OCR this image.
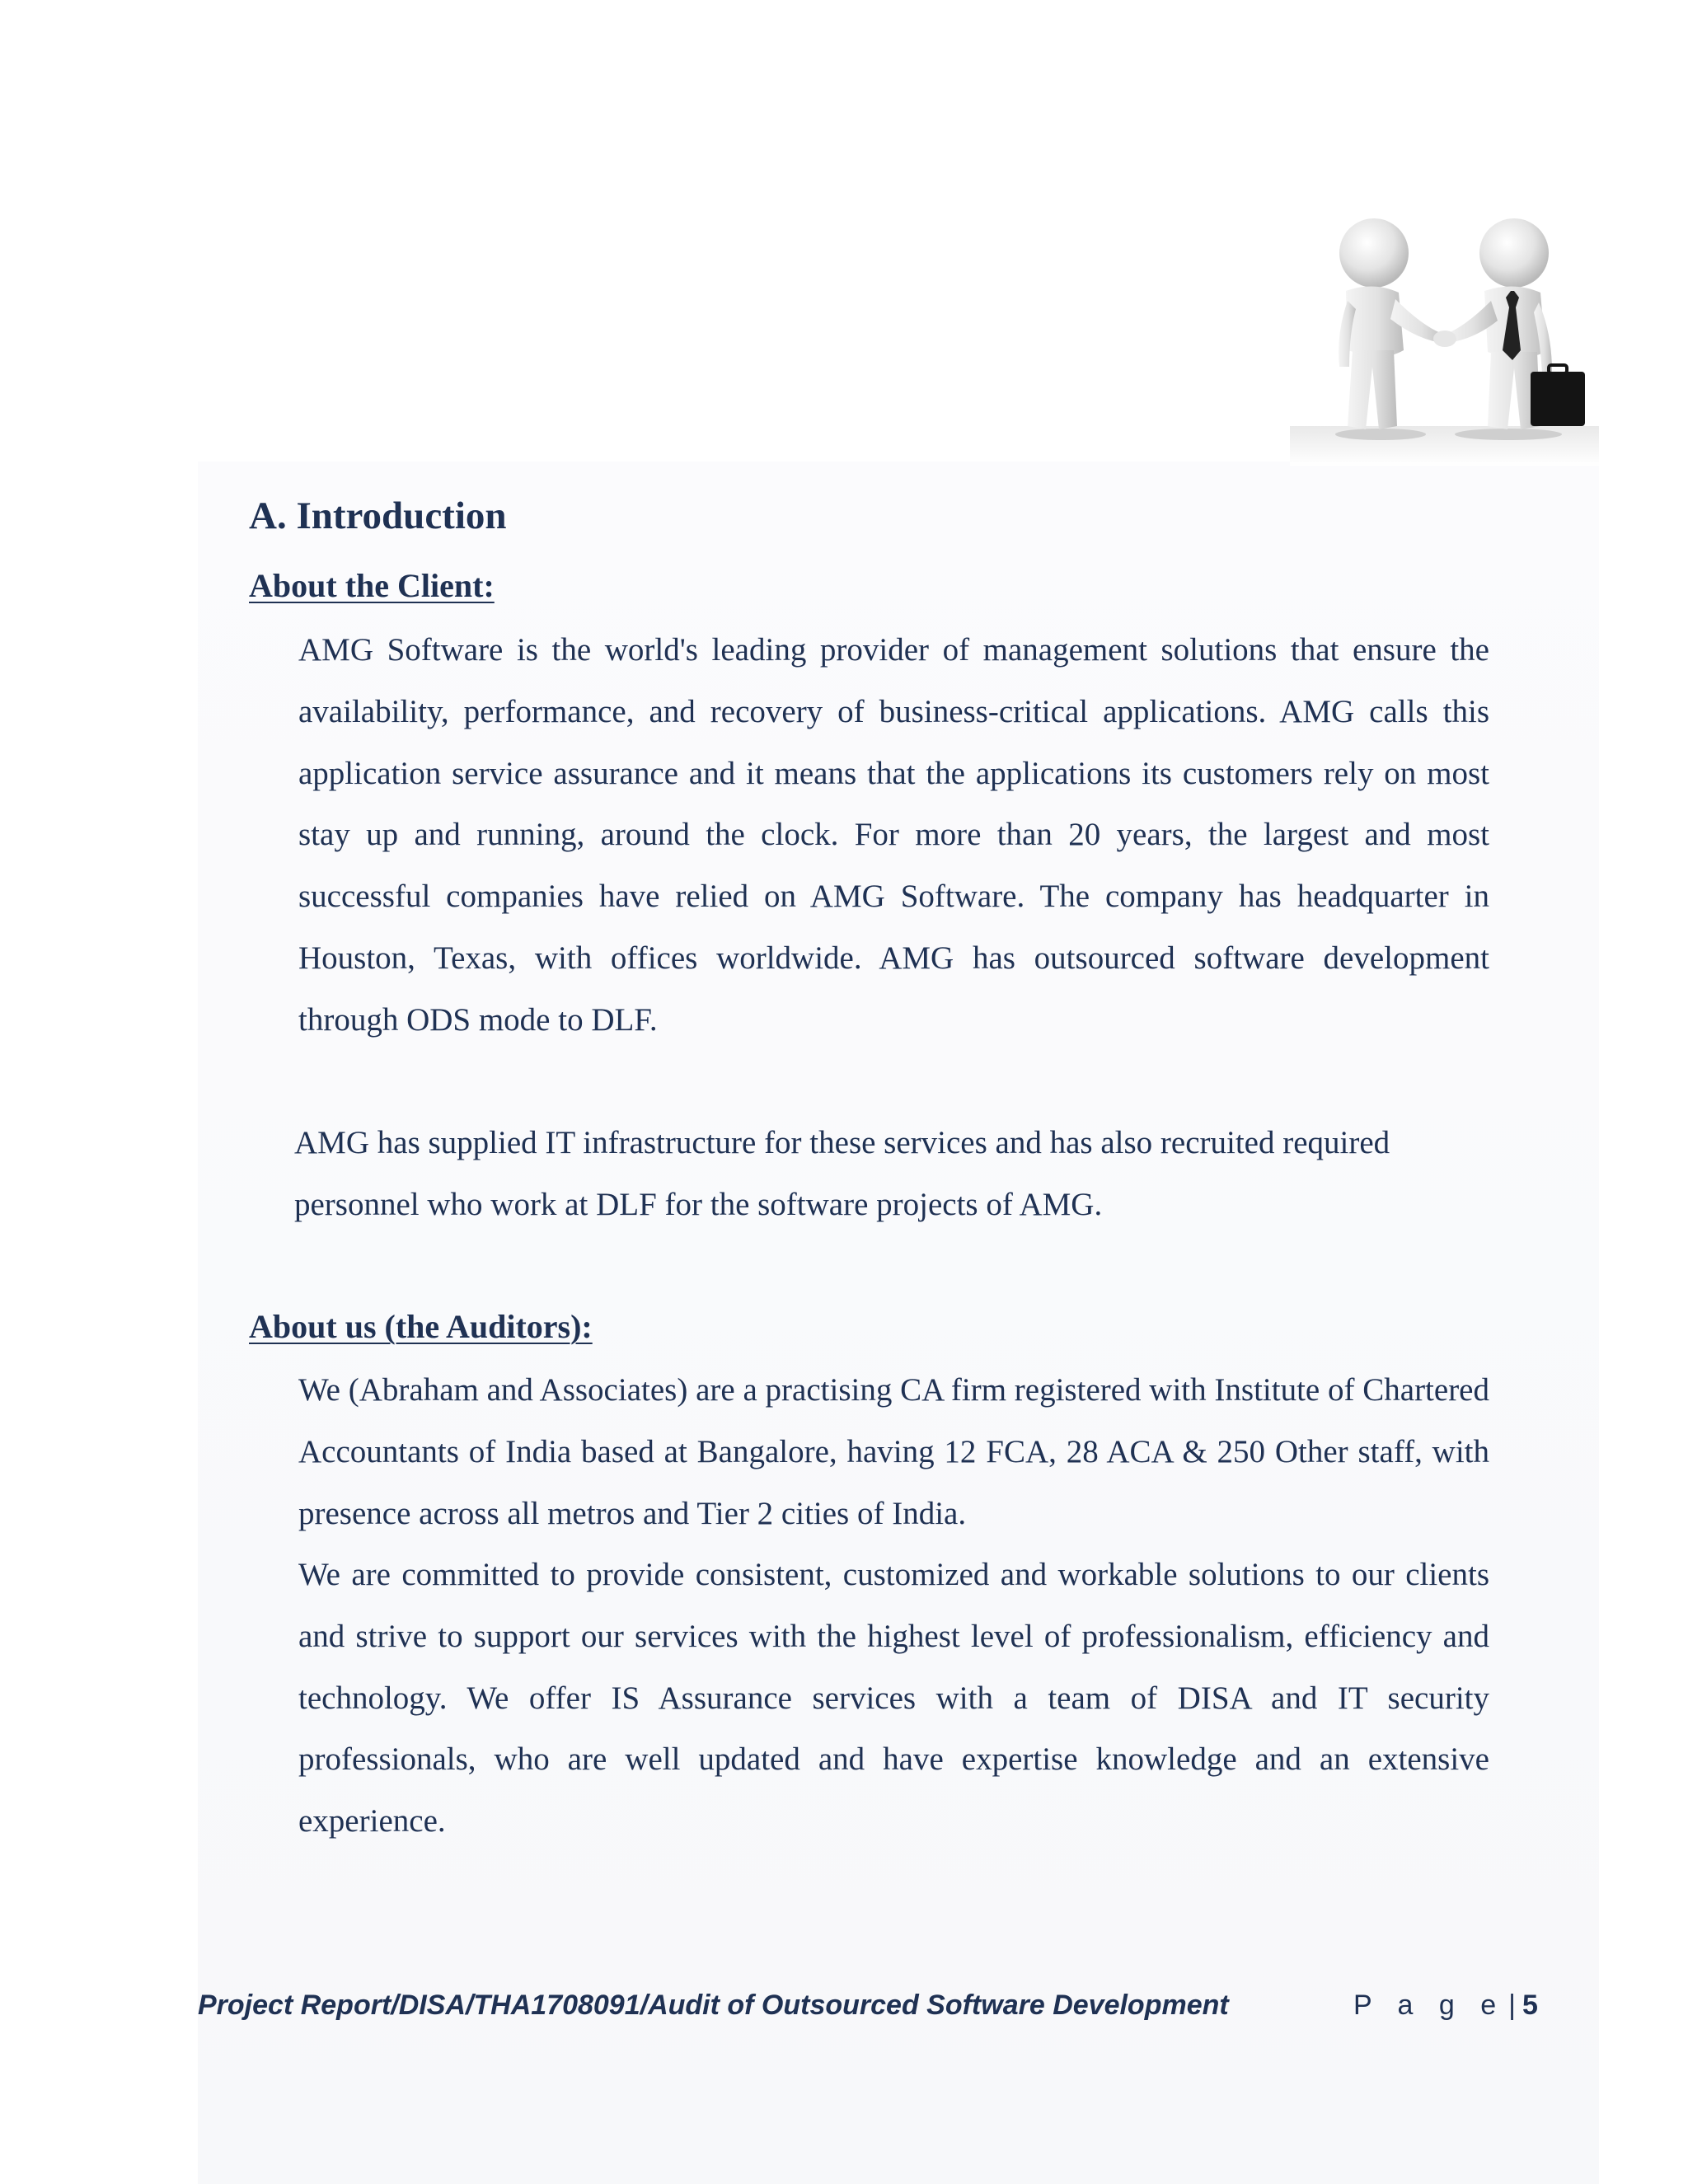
A. Introduction
About the Client:

AMG Software is the world's leading provider of management solutions that ensure the availability, performance, and recovery of business-critical applications. AMG calls this application service assurance and it means that the applications its customers rely on most stay up and running, around the clock. For more than 20 years, the largest and most successful companies have relied on AMG Software. The company has headquarter in Houston, Texas, with offices worldwide. AMG has outsourced software development through ODS mode to DLF.

AMG has supplied IT infrastructure for these services and has also recruited required personnel who work at DLF for the software projects of AMG.

About us (the Auditors):

We (Abraham and Associates) are a practising CA firm registered with Institute of Chartered Accountants of India based at Bangalore, having 12 FCA, 28 ACA & 250 Other staff, with presence across all metros and Tier 2 cities of India.

We are committed to provide consistent, customized and workable solutions to our clients and strive to support our services with the highest level of professionalism, efficiency and technology. We offer IS Assurance services with a team of DISA and IT security professionals, who are well updated and have expertise knowledge and an extensive experience.

Project Report/DISA/THA1708091/Audit of Outsourced Software Development	P a g e | 5
